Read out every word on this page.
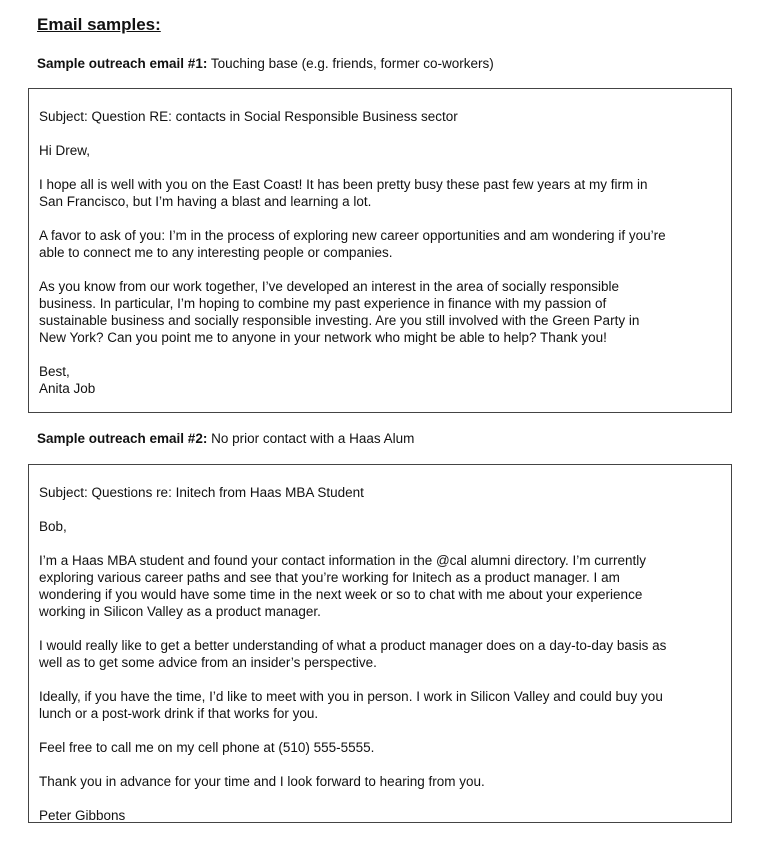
Email samples:
Sample outreach email #1: Touching base (e.g. friends, former co-workers)

Subject: Question RE: contacts in Social Responsible Business sector

Hi Drew,

I hope all is well with you on the East Coast! It has been pretty busy these past few years at my firm in
San Francisco, but I’m having a blast and learning a lot.

A favor to ask of you: I’m in the process of exploring new career opportunities and am wondering if you’re
able to connect me to any interesting people or companies.

As you know from our work together, I’ve developed an interest in the area of socially responsible
business. In particular, I’m hoping to combine my past experience in finance with my passion of
sustainable business and socially responsible investing. Are you still involved with the Green Party in
New York? Can you point me to anyone in your network who might be able to help? Thank you!

Best,
Anita Job

Sample outreach email #2: No prior contact with a Haas Alum

Subject: Questions re: Initech from Haas MBA Student

Bob,

I’m a Haas MBA student and found your contact information in the @cal alumni directory. I’m currently
exploring various career paths and see that you’re working for Initech as a product manager. I am
wondering if you would have some time in the next week or so to chat with me about your experience
working in Silicon Valley as a product manager.

I would really like to get a better understanding of what a product manager does on a day-to-day basis as
well as to get some advice from an insider’s perspective.

Ideally, if you have the time, I’d like to meet with you in person. I work in Silicon Valley and could buy you
lunch or a post-work drink if that works for you.

Feel free to call me on my cell phone at (510) 555-5555.

Thank you in advance for your time and I look forward to hearing from you.

Peter Gibbons
